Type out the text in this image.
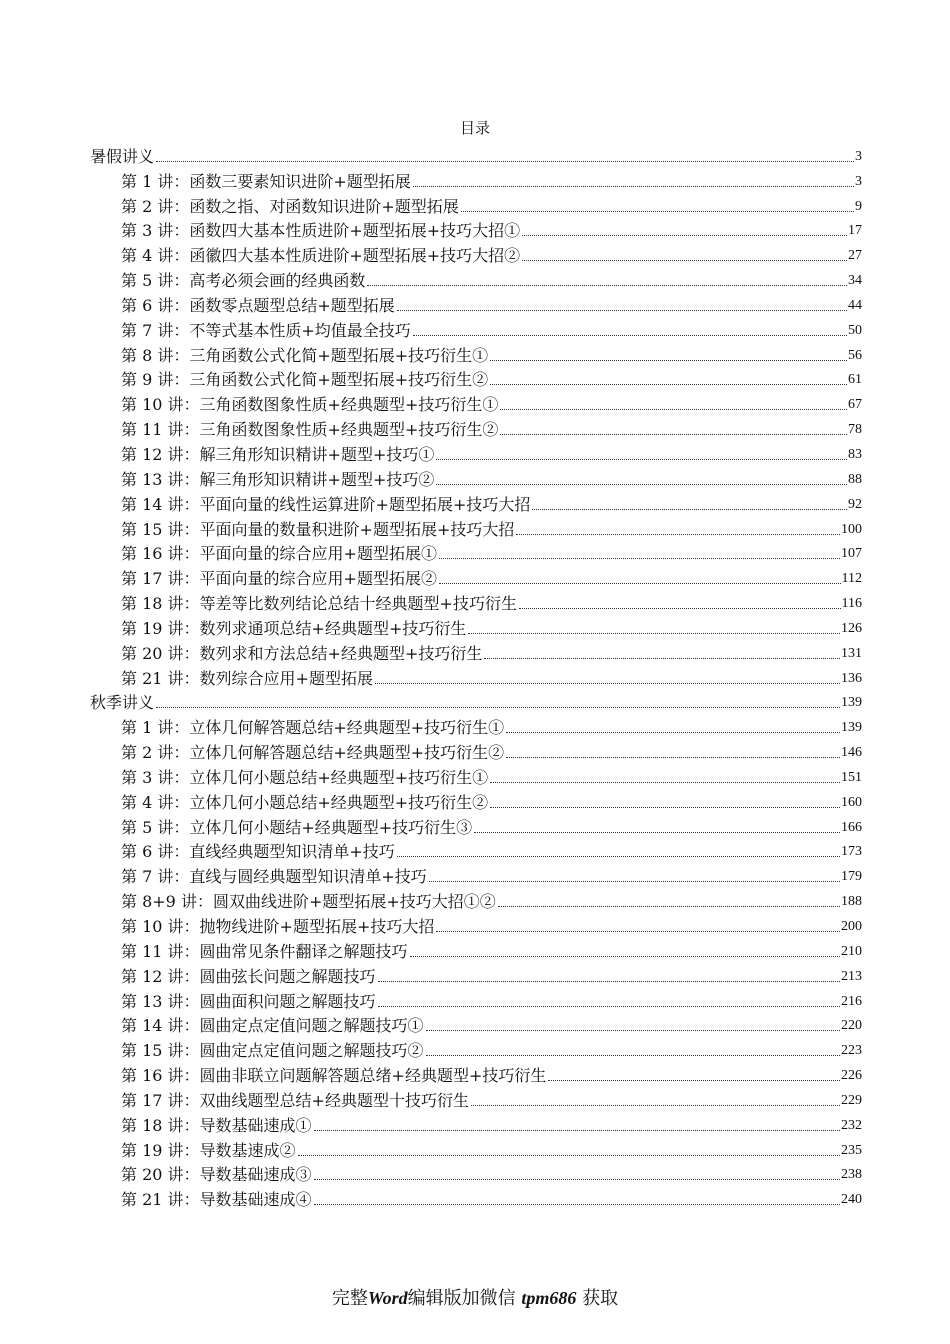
目录
暑假讲义	3
第 1 讲：函数三要素知识进阶+题型拓展	3
第 2 讲：函数之指、对函数知识进阶+题型拓展	9
第 3 讲：函数四大基本性质进阶+题型拓展+技巧大招①	17
第 4 讲：函徽四大基本性质进阶+题型拓展+技巧大招②	27
第 5 讲：高考必须会画的经典函数	34
第 6 讲：函数零点题型总结+题型拓展	44
第 7 讲：不等式基本性质+均值最全技巧	50
第 8 讲：三角函数公式化简+题型拓展+技巧衍生①	56
第 9 讲：三角函数公式化简+题型拓展+技巧衍生②	61
第 10 讲：三角函数图象性质+经典题型+技巧衍生①	67
第 11 讲：三角函数图象性质+经典题型+技巧衍生②	78
第 12 讲：解三角形知识精讲+题型+技巧①	83
第 13 讲：解三角形知识精讲+题型+技巧②	88
第 14 讲：平面向量的线性运算进阶+题型拓展+技巧大招	92
第 15 讲：平面向量的数量积进阶+题型拓展+技巧大招	100
第 16 讲：平面向量的综合应用+题型拓展①	107
第 17 讲：平面向量的综合应用+题型拓展②	112
第 18 讲：等差等比数列结论总结十经典题型+技巧衍生	116
第 19 讲：数列求通项总结+经典题型+技巧衍生	126
第 20 讲：数列求和方法总结+经典题型+技巧衍生	131
第 21 讲：数列综合应用+题型拓展	136
秋季讲义	139
第 1 讲：立体几何解答题总结+经典题型+技巧衍生①	139
第 2 讲：立体几何解答题总结+经典题型+技巧衍生②	146
第 3 讲：立体几何小题总结+经典题型+技巧衍生①	151
第 4 讲：立体几何小题总结+经典题型+技巧衍生②	160
第 5 讲：立体几何小题结+经典题型+技巧衍生③	166
第 6 讲：直线经典题型知识清单+技巧	173
第 7 讲：直线与圆经典题型知识清单+技巧	179
第 8+9 讲：圆双曲线进阶+题型拓展+技巧大招①②	188
第 10 讲：抛物线进阶+题型拓展+技巧大招	200
第 11 讲：圆曲常见条件翻译之解题技巧	210
第 12 讲：圆曲弦长问题之解题技巧	213
第 13 讲：圆曲面积问题之解题技巧	216
第 14 讲：圆曲定点定值问题之解题技巧①	220
第 15 讲：圆曲定点定值问题之解题技巧②	223
第 16 讲：圆曲非联立问题解答题总绪+经典题型+技巧衍生	226
第 17 讲：双曲线题型总结+经典题型十技巧衍生	229
第 18 讲：导数基础速成①	232
第 19 讲：导数基速成②	235
第 20 讲：导数基础速成③	238
第 21 讲：导数基础速成④	240
完整Word编辑版加微信 tpm686 获取
